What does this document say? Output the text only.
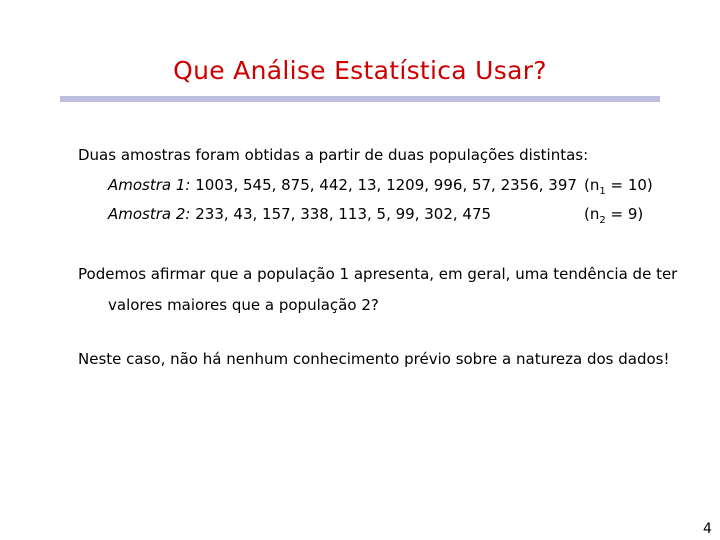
Que Análise Estatística Usar?
Duas amostras foram obtidas a partir de duas populações distintas:
Amostra 1: 1003, 545, 875, 442, 13, 1209, 996, 57, 2356, 397 $(n_1 = 10)$
Amostra 2: 233, 43, 157, 338, 113, 5, 99, 302, 475	$(n_2 = 9)$
Podemos afirmar que a população 1 apresenta, em geral, uma tendência de ter
valores maiores que a população 2?
Neste caso, não há nenhum conhecimento prévio sobre a natureza dos dados!
4
